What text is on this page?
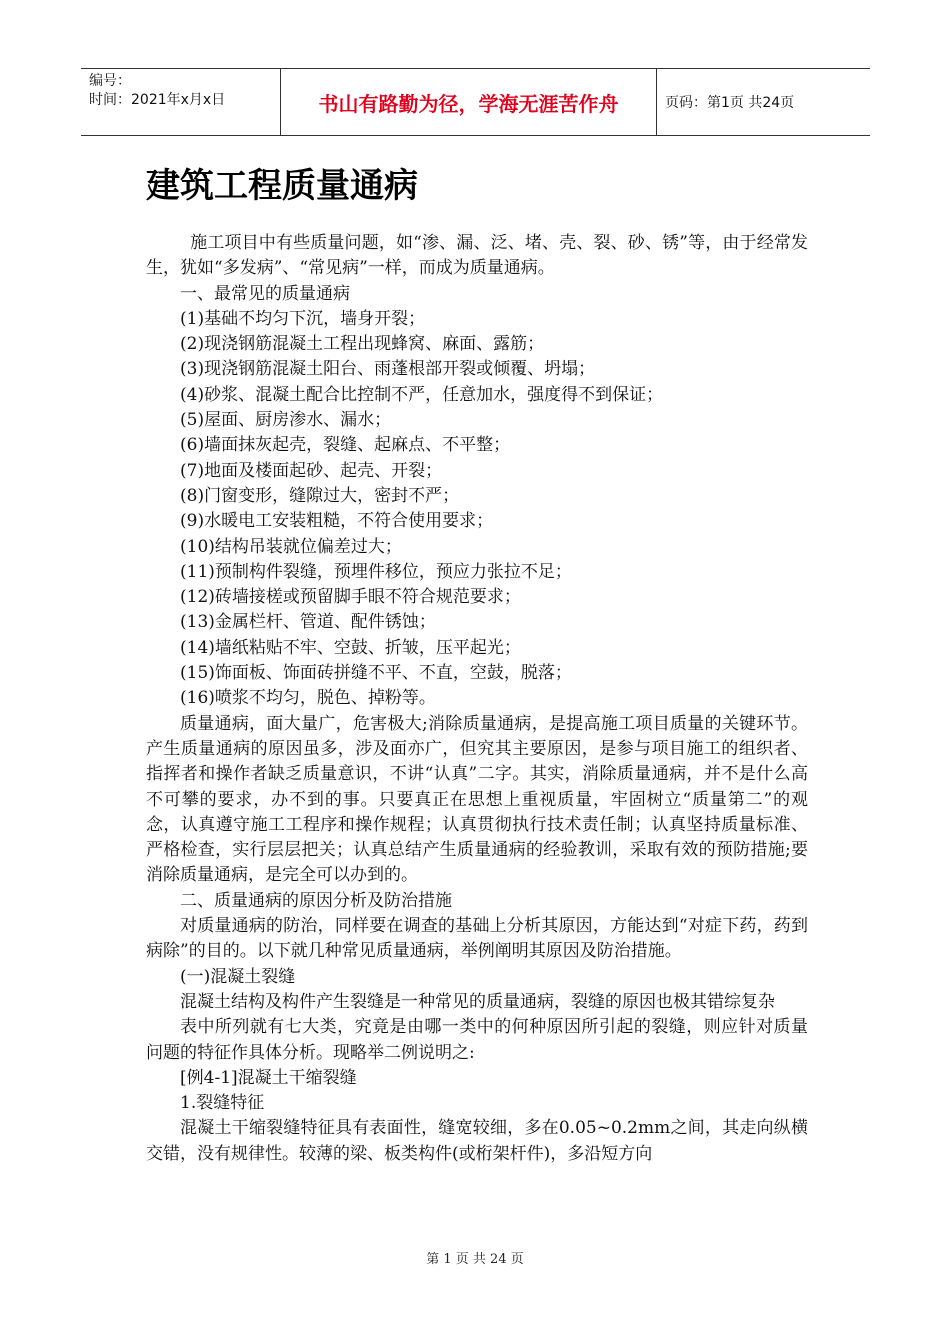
编号：
时间：2021年x月x日	书山有路勤为径，学海无涯苦作舟	页码：第1页 共24页
建筑工程质量通病

施工项目中有些质量问题，如“渗、漏、泛、堵、壳、裂、砂、锈”等，由于经常发生，犹如“多发病”、“常见病”一样，而成为质量通病。

一、最常见的质量通病

(1)基础不均匀下沉，墙身开裂；

(2)现浇钢筋混凝土工程出现蜂窝、麻面、露筋；

(3)现浇钢筋混凝土阳台、雨蓬根部开裂或倾覆、坍塌；

(4)砂浆、混凝土配合比控制不严，任意加水，强度得不到保证；

(5)屋面、厨房渗水、漏水；

(6)墙面抹灰起壳，裂缝、起麻点、不平整；

(7)地面及楼面起砂、起壳、开裂；

(8)门窗变形，缝隙过大，密封不严；

(9)水暖电工安装粗糙，不符合使用要求；

(10)结构吊装就位偏差过大；

(11)预制构件裂缝，预埋件移位，预应力张拉不足；

(12)砖墙接槎或预留脚手眼不符合规范要求；

(13)金属栏杆、管道、配件锈蚀；

(14)墙纸粘贴不牢、空鼓、折皱，压平起光；

(15)饰面板、饰面砖拼缝不平、不直，空鼓，脱落；

(16)喷浆不均匀，脱色、掉粉等。

质量通病，面大量广，危害极大;消除质量通病，是提高施工项目质量的关键环节。产生质量通病的原因虽多，涉及面亦广，但究其主要原因，是参与项目施工的组织者、指挥者和操作者缺乏质量意识，不讲“认真”二字。其实，消除质量通病，并不是什么高不可攀的要求，办不到的事。只要真正在思想上重视质量，牢固树立“质量第二”的观念，认真遵守施工工程序和操作规程；认真贯彻执行技术责任制；认真坚持质量标准、严格检查，实行层层把关；认真总结产生质量通病的经验教训，采取有效的预防措施;要消除质量通病，是完全可以办到的。

二、质量通病的原因分析及防治措施

对质量通病的防治，同样要在调查的基础上分析其原因，方能达到“对症下药，药到病除”的目的。以下就几种常见质量通病，举例阐明其原因及防治措施。

(一)混凝土裂缝

混凝土结构及构件产生裂缝是一种常见的质量通病，裂缝的原因也极其错综复杂

表中所列就有七大类，究竟是由哪一类中的何种原因所引起的裂缝，则应针对质量问题的特征作具体分析。现略举二例说明之:

[例4-1]混凝土干缩裂缝

1.裂缝特征

混凝土干缩裂缝特征具有表面性，缝宽较细，多在0.05~0.2mm之间，其走向纵横交错，没有规律性。较薄的梁、板类构件(或桁架杆件)，多沿短方向

第 1 页 共 24 页
